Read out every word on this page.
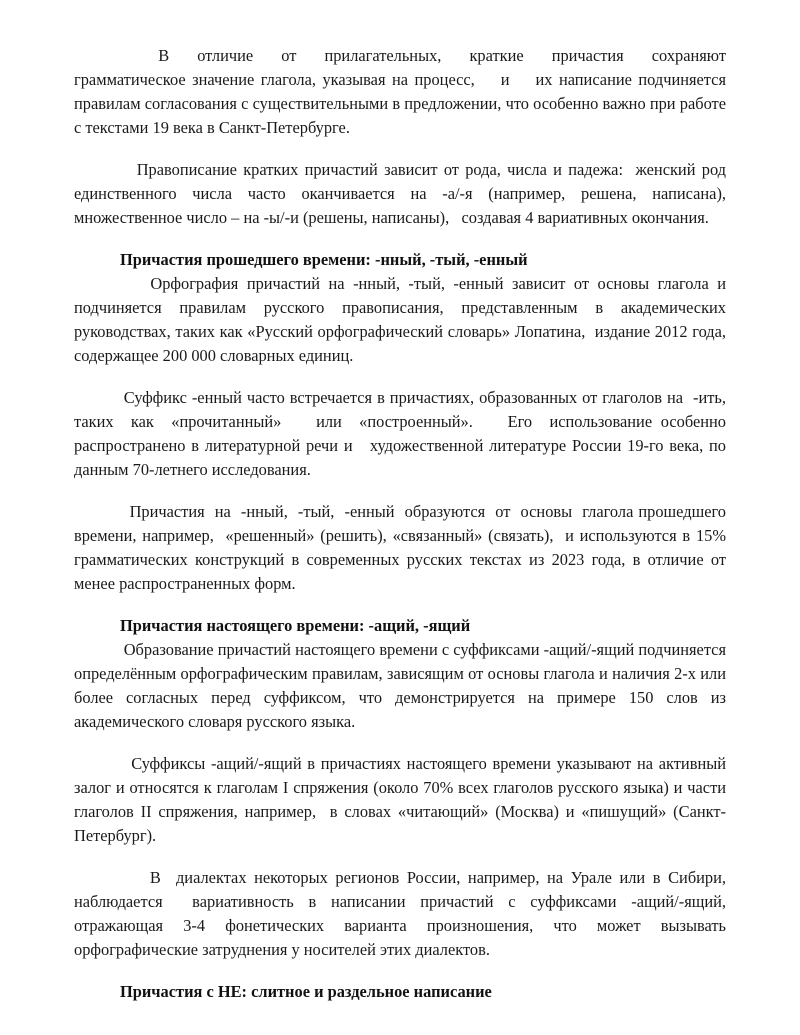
В    отличие    от    прилагательных,    краткие    причастия    сохраняют грамматическое значение глагола, указывая на процесс,    и    их написание подчиняется   правилам согласования с существительными в предложении, что особенно важно при работе с текстами 19 века в Санкт-Петербурге.

Правописание кратких причастий зависит от рода, числа и падежа:  женский род единственного числа часто оканчивается на -а/-я (например, решена, написана), множественное число – на -ы/-и (решены, написаны),   создавая 4 вариативных окончания.

Причастия прошедшего времени: -нный, -тый, -енный

Орфография причастий на -нный, -тый, -енный зависит от основы глагола и подчиняется правилам русского правописания, представленным в академических руководствах, таких как «Русский орфографический словарь» Лопатина,  издание 2012 года, содержащее 200 000 словарных единиц.

Суффикс -енный часто встречается в причастиях, образованных от глаголов на  -ить,  таких  как  «прочитанный»    или  «построенный».    Его  использование особенно распространено в литературной речи и   художественной литературе России 19-го века, по данным 70-летнего исследования.

Причастия  на  -нный,  -тый,  -енный  образуются  от  основы  глагола прошедшего времени, например,  «решенный» (решить), «связанный» (связать),  и используются в 15% грамматических конструкций в современных русских текстах из 2023 года, в отличие от менее распространенных форм.

Причастия настоящего времени: -ащий, -ящий

Образование причастий настоящего времени с суффиксами -ащий/-ящий подчиняется определённым орфографическим правилам, зависящим от основы глагола и наличия 2-х или более согласных перед суффиксом, что демонстрируется на примере 150 слов из академического словаря русского языка.

Суффиксы -ащий/-ящий в причастиях настоящего времени указывают на активный залог и относятся к глаголам I спряжения (около 70% всех глаголов русского языка) и части глаголов II спряжения, например,  в словах «читающий» (Москва) и «пишущий» (Санкт-Петербург).

В  диалектах некоторых регионов России, например, на Урале или в Сибири, наблюдается  вариативность в написании причастий с суффиксами -ащий/-ящий, отражающая 3-4 фонетических варианта произношения, что может вызывать орфографические затруднения у носителей этих диалектов.

Причастия с НЕ: слитное и раздельное написание
